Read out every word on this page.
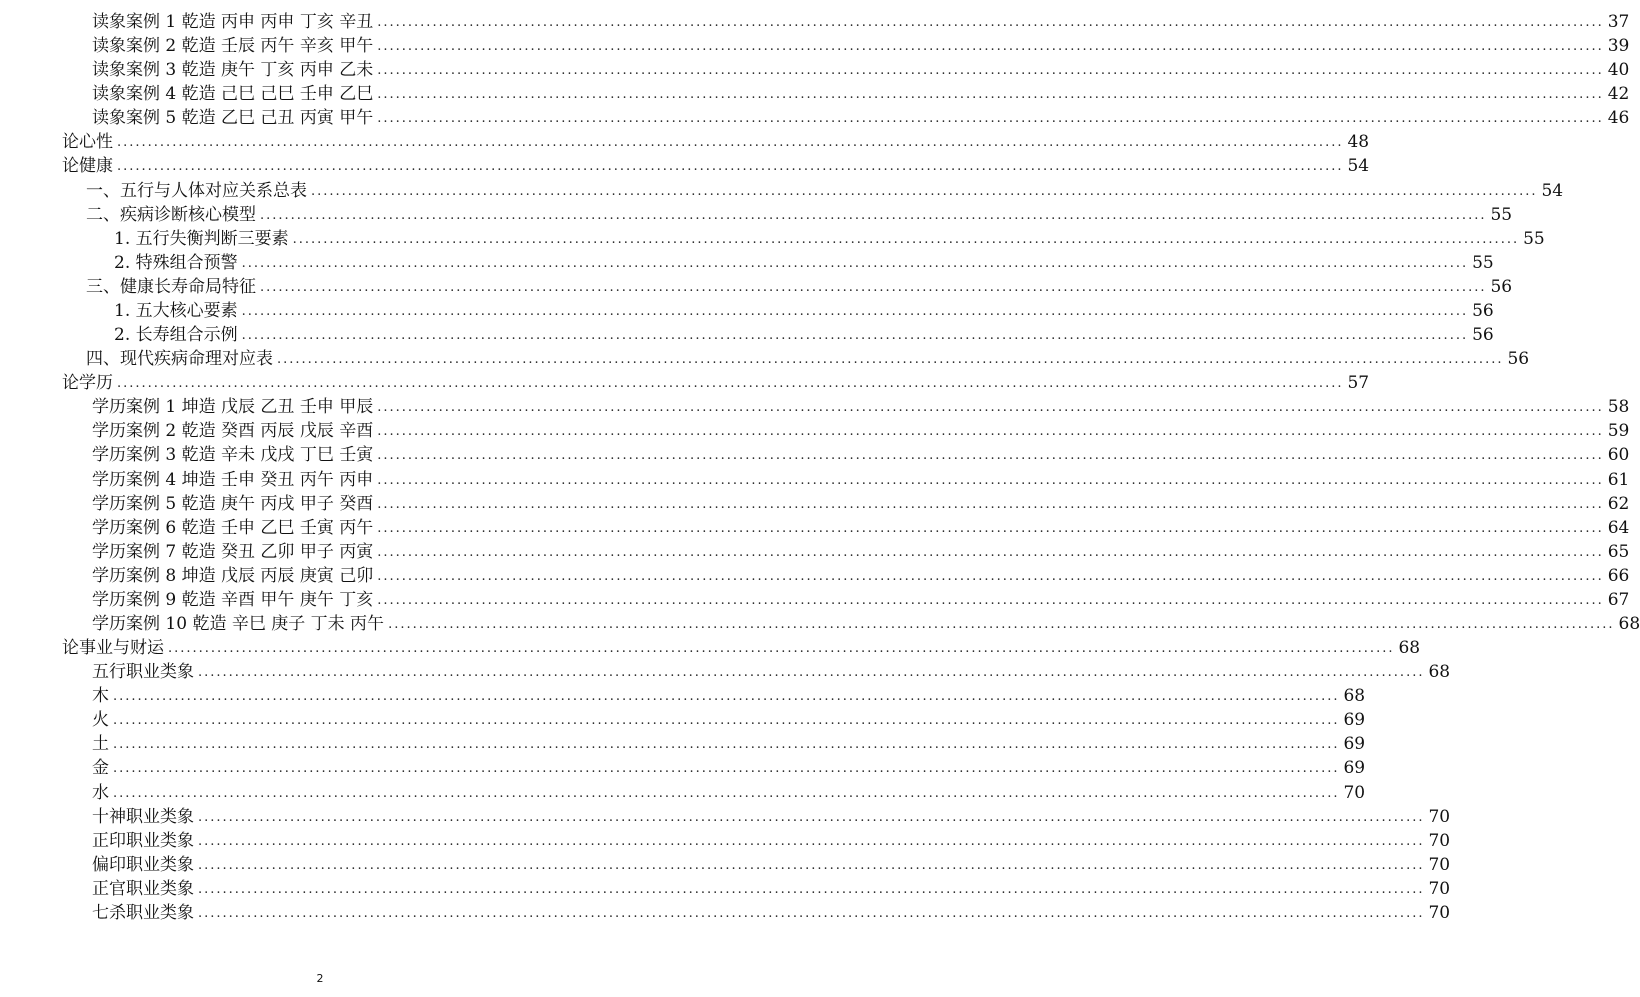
读象案例 1 乾造 丙申 丙申 丁亥 辛丑 ........................................................................................................................................................................................................ 37
读象案例 2 乾造 壬辰 丙午 辛亥 甲午 ........................................................................................................................................................................................................ 39
读象案例 3 乾造 庚午 丁亥 丙申 乙未 ........................................................................................................................................................................................................ 40
读象案例 4 乾造 己巳 己巳 壬申 乙巳 ........................................................................................................................................................................................................ 42
读象案例 5 乾造 乙巳 己丑 丙寅 甲午 ........................................................................................................................................................................................................ 46
论心性 ........................................................................................................................................................................................................ 48
论健康 ........................................................................................................................................................................................................ 54
一、五行与人体对应关系总表 ........................................................................................................................................................................................................ 54
二、疾病诊断核心模型 ........................................................................................................................................................................................................ 55
1. 五行失衡判断三要素 ........................................................................................................................................................................................................ 55
2. 特殊组合预警 ........................................................................................................................................................................................................ 55
三、健康长寿命局特征 ........................................................................................................................................................................................................ 56
1. 五大核心要素 ........................................................................................................................................................................................................ 56
2. 长寿组合示例 ........................................................................................................................................................................................................ 56
四、现代疾病命理对应表 ........................................................................................................................................................................................................ 56
论学历 ........................................................................................................................................................................................................ 57
学历案例 1 坤造 戊辰 乙丑 壬申 甲辰 ........................................................................................................................................................................................................ 58
学历案例 2 乾造 癸酉 丙辰 戊辰 辛酉 ........................................................................................................................................................................................................ 59
学历案例 3 乾造 辛未 戊戌 丁巳 壬寅 ........................................................................................................................................................................................................ 60
学历案例 4 坤造 壬申 癸丑 丙午 丙申 ........................................................................................................................................................................................................ 61
学历案例 5 乾造 庚午 丙戌 甲子 癸酉 ........................................................................................................................................................................................................ 62
学历案例 6 乾造 壬申 乙巳 壬寅 丙午 ........................................................................................................................................................................................................ 64
学历案例 7 乾造 癸丑 乙卯 甲子 丙寅 ........................................................................................................................................................................................................ 65
学历案例 8 坤造 戊辰 丙辰 庚寅 己卯 ........................................................................................................................................................................................................ 66
学历案例 9 乾造 辛酉 甲午 庚午 丁亥 ........................................................................................................................................................................................................ 67
学历案例 10 乾造 辛巳 庚子 丁未 丙午 ........................................................................................................................................................................................................ 68
论事业与财运 ........................................................................................................................................................................................................ 68
五行职业类象 ........................................................................................................................................................................................................ 68
木 ........................................................................................................................................................................................................ 68
火 ........................................................................................................................................................................................................ 69
土 ........................................................................................................................................................................................................ 69
金 ........................................................................................................................................................................................................ 69
水 ........................................................................................................................................................................................................ 70
十神职业类象 ........................................................................................................................................................................................................ 70
正印职业类象 ........................................................................................................................................................................................................ 70
偏印职业类象 ........................................................................................................................................................................................................ 70
正官职业类象 ........................................................................................................................................................................................................ 70
七杀职业类象 ........................................................................................................................................................................................................ 70
2
